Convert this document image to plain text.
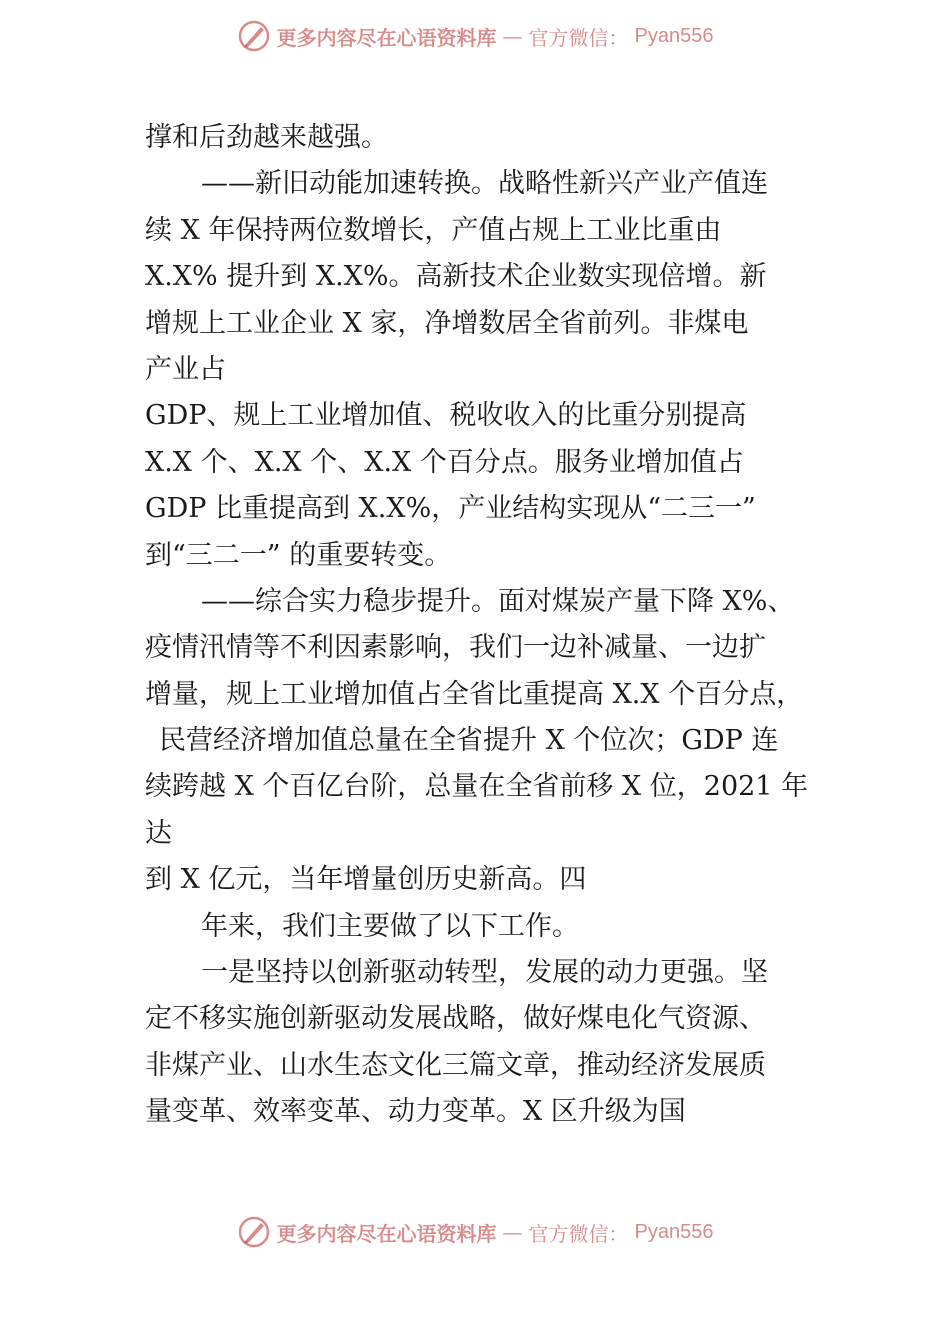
更多内容尽在心语资料库 — 官方微信： Pyan556
撑和后劲越来越强。
——新旧动能加速转换。战略性新兴产业产值连
续 X 年保持两位数增长，产值占规上工业比重由
X.X% 提升到 X.X%。高新技术企业数实现倍增。新
增规上工业企业 X 家，净增数居全省前列。非煤电
产业占
GDP、规上工业增加值、税收收入的比重分别提高
X.X 个、X.X 个、X.X 个百分点。服务业增加值占
GDP 比重提高到 X.X%，产业结构实现从“二三一”
到“三二一” 的重要转变。
——综合实力稳步提升。面对煤炭产量下降 X%、
疫情汛情等不利因素影响，我们一边补减量、一边扩
增量，规上工业增加值占全省比重提高 X.X 个百分点，
民营经济增加值总量在全省提升 X 个位次；GDP 连
续跨越 X 个百亿台阶，总量在全省前移 X 位，2021 年
达
到 X 亿元，当年增量创历史新高。四
年来，我们主要做了以下工作。
一是坚持以创新驱动转型，发展的动力更强。坚
定不移实施创新驱动发展战略，做好煤电化气资源、
非煤产业、山水生态文化三篇文章，推动经济发展质
量变革、效率变革、动力变革。X 区升级为国
更多内容尽在心语资料库 — 官方微信： Pyan556
